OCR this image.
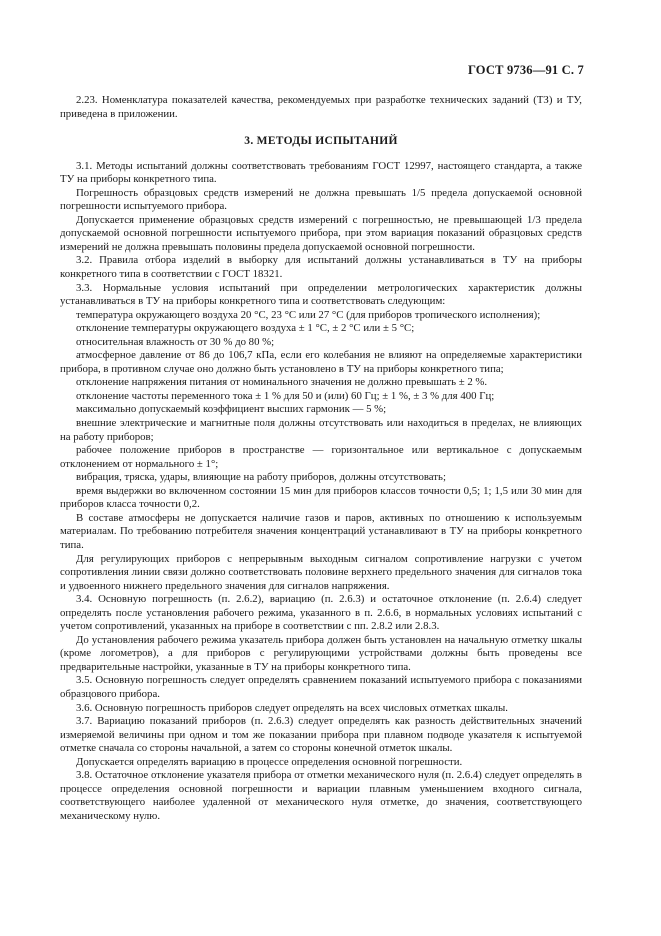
ГОСТ 9736—91 С. 7

2.23. Номенклатура показателей качества, рекомендуемых при разработке технических заданий (ТЗ) и ТУ, приведена в приложении.

3. МЕТОДЫ ИСПЫТАНИЙ

3.1. Методы испытаний должны соответствовать требованиям ГОСТ 12997, настоящего стандарта, а также ТУ на приборы конкретного типа.

Погрешность образцовых средств измерений не должна превышать 1/5 предела допускаемой основной погрешности испытуемого прибора.

Допускается применение образцовых средств измерений с погрешностью, не превышающей 1/3 предела допускаемой основной погрешности испытуемого прибора, при этом вариация показаний образцовых средств измерений не должна превышать половины предела допускаемой основной погрешности.

3.2. Правила отбора изделий в выборку для испытаний должны устанавливаться в ТУ на приборы конкретного типа в соответствии с ГОСТ 18321.

3.3. Нормальные условия испытаний при определении метрологических характеристик должны устанавливаться в ТУ на приборы конкретного типа и соответствовать следующим:

температура окружающего воздуха 20 °С, 23 °С или 27 °С (для приборов тропического исполнения);

отклонение температуры окружающего воздуха ± 1 °С, ± 2 °С или ± 5 °С;

относительная влажность от 30 % до 80 %;

атмосферное давление от 86 до 106,7 кПа, если его колебания не влияют на определяемые характеристики прибора, в противном случае оно должно быть установлено в ТУ на приборы конкретного типа;

отклонение напряжения питания от номинального значения не должно превышать ± 2 %.

отклонение частоты переменного тока ± 1 % для 50 и (или) 60 Гц; ± 1 %, ± 3 % для 400 Гц;

максимально допускаемый коэффициент высших гармоник — 5 %;

внешние электрические и магнитные поля должны отсутствовать или находиться в пределах, не влияющих на работу приборов;

рабочее положение приборов в пространстве — горизонтальное или вертикальное с допускаемым отклонением от нормального ± 1°;

вибрация, тряска, удары, влияющие на работу приборов, должны отсутствовать;

время выдержки во включенном состоянии 15 мин для приборов классов точности 0,5; 1; 1,5 или 30 мин для приборов класса точности 0,2.

В составе атмосферы не допускается наличие газов и паров, активных по отношению к используемым материалам. По требованию потребителя значения концентраций устанавливают в ТУ на приборы конкретного типа.

Для регулирующих приборов с непрерывным выходным сигналом сопротивление нагрузки с учетом сопротивления линии связи должно соответствовать половине верхнего предельного значения для сигналов тока и удвоенного нижнего предельного значения для сигналов напряжения.

3.4. Основную погрешность (п. 2.6.2), вариацию (п. 2.6.3) и остаточное отклонение (п. 2.6.4) следует определять после установления рабочего режима, указанного в п. 2.6.6, в нормальных условиях испытаний с учетом сопротивлений, указанных на приборе в соответствии с пп. 2.8.2 или 2.8.3.

До установления рабочего режима указатель прибора должен быть установлен на начальную отметку шкалы (кроме логометров), а для приборов с регулирующими устройствами должны быть проведены все предварительные настройки, указанные в ТУ на приборы конкретного типа.

3.5. Основную погрешность следует определять сравнением показаний испытуемого прибора с показаниями образцового прибора.

3.6. Основную погрешность приборов следует определять на всех числовых отметках шкалы.

3.7. Вариацию показаний приборов (п. 2.6.3) следует определять как разность действительных значений измеряемой величины при одном и том же показании прибора при плавном подводе указателя к испытуемой отметке сначала со стороны начальной, а затем со стороны конечной отметок шкалы.

Допускается определять вариацию в процессе определения основной погрешности.

3.8. Остаточное отклонение указателя прибора от отметки механического нуля (п. 2.6.4) следует определять в процессе определения основной погрешности и вариации плавным уменьшением входного сигнала, соответствующего наиболее удаленной от механического нуля отметке, до значения, соответствующего механическому нулю.
